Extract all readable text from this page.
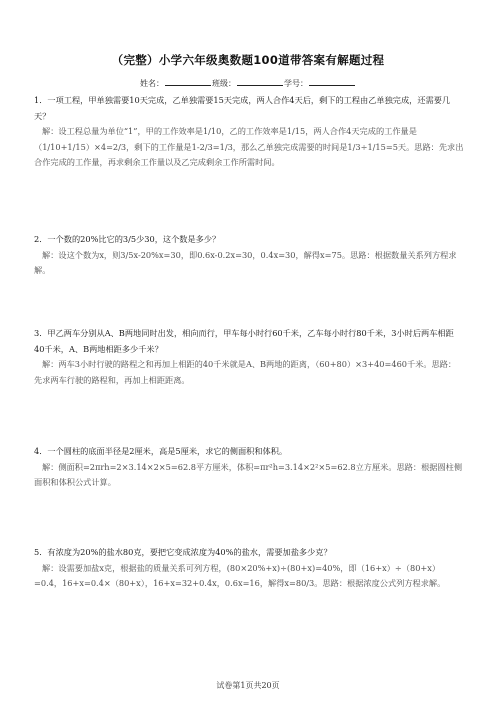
（完整）小学六年级奥数题100道带答案有解题过程
姓名：	班级：	学号：
1．一项工程，甲单独需要10天完成，乙单独需要15天完成，两人合作4天后，剩下的工程由乙单独完成，还需要几天？
解：设工程总量为单位“1”，甲的工作效率是1/10，乙的工作效率是1/15，两人合作4天完成的工作量是（1/10+1/15）×4=2/3，剩下的工作量是1-2/3=1/3，那么乙单独完成需要的时间是1/3÷1/15=5天。思路：先求出合作完成的工作量，再求剩余工作量以及乙完成剩余工作所需时间。
2．一个数的20%比它的3/5少30，这个数是多少？
解：设这个数为x，则3/5x-20%x=30，即0.6x-0.2x=30，0.4x=30，解得x=75。思路：根据数量关系列方程求解。
3．甲乙两车分别从A、B两地同时出发，相向而行，甲车每小时行60千米，乙车每小时行80千米，3小时后两车相距40千米，A、B两地相距多少千米？
解：两车3小时行驶的路程之和再加上相距的40千米就是A、B两地的距离，（60+80）×3+40=460千米。思路：先求两车行驶的路程和，再加上相距距离。
4．一个圆柱的底面半径是2厘米，高是5厘米，求它的侧面积和体积。
解：侧面积=2πrh=2×3.14×2×5=62.8平方厘米，体积=πr²h=3.14×2²×5=62.8立方厘米。思路：根据圆柱侧面积和体积公式计算。
5．有浓度为20%的盐水80克，要把它变成浓度为40%的盐水，需要加盐多少克？
解：设需要加盐x克，根据盐的质量关系可列方程，(80×20%+x)÷(80+x)=40%，即（16+x）÷（80+x）=0.4，16+x=0.4×（80+x），16+x=32+0.4x，0.6x=16，解得x=80/3。思路：根据浓度公式列方程求解。
试卷第1页共20页
